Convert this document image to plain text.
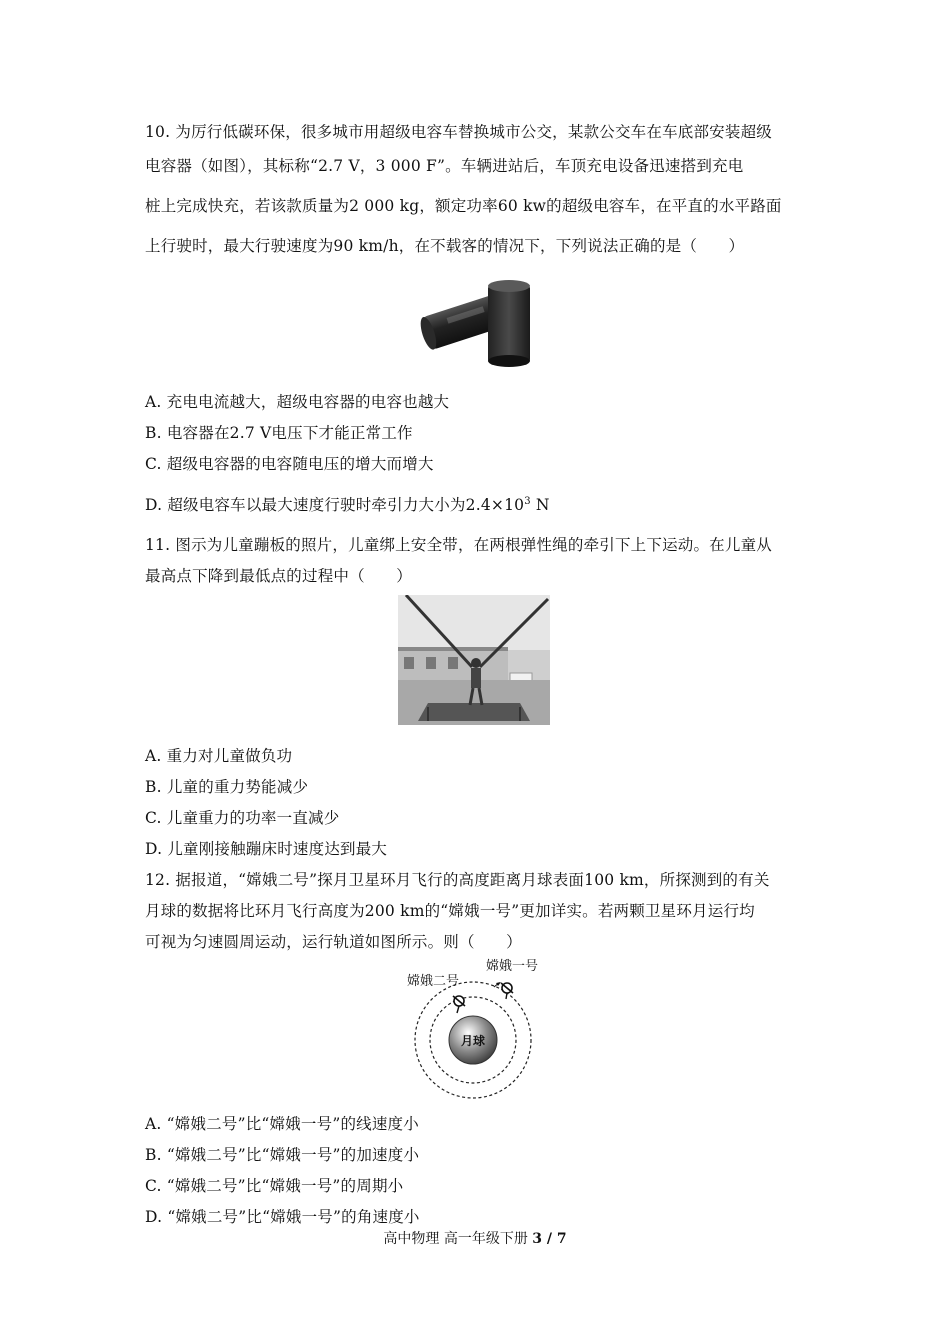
10. 为厉行低碳环保，很多城市用超级电容车替换城市公交，某款公交车在车底部安装超级
电容器（如图），其标称“2.7 V，3 000 F”。车辆进站后，车顶充电设备迅速搭到充电
桩上完成快充，若该款质量为2 000 kg，额定功率60 kw的超级电容车，在平直的水平路面
上行驶时，最大行驶速度为90 km/h，在不载客的情况下，下列说法正确的是（　　）
A. 充电电流越大，超级电容器的电容也越大
B. 电容器在2.7 V电压下才能正常工作
C. 超级电容器的电容随电压的增大而增大
D. 超级电容车以最大速度行驶时牵引力大小为$2.4\times 10^3$ N
11. 图示为儿童蹦板的照片，儿童绑上安全带，在两根弹性绳的牵引下上下运动。在儿童从
最高点下降到最低点的过程中（　　）
A. 重力对儿童做负功
B. 儿童的重力势能减少
C. 儿童重力的功率一直减少
D. 儿童刚接触蹦床时速度达到最大
12. 据报道，“嫦娥二号”探月卫星环月飞行的高度距离月球表面100 km，所探测到的有关
月球的数据将比环月飞行高度为200 km的“嫦娥一号”更加详实。若两颗卫星环月运行均
可视为匀速圆周运动，运行轨道如图所示。则（　　）
月球
嫦娥二号
嫦娥一号
A. “嫦娥二号”比“嫦娥一号”的线速度小
B. “嫦娥二号”比“嫦娥一号”的加速度小
C. “嫦娥二号”比“嫦娥一号”的周期小
D. “嫦娥二号”比“嫦娥一号”的角速度小
高中物理 高一年级下册 3 / 7
